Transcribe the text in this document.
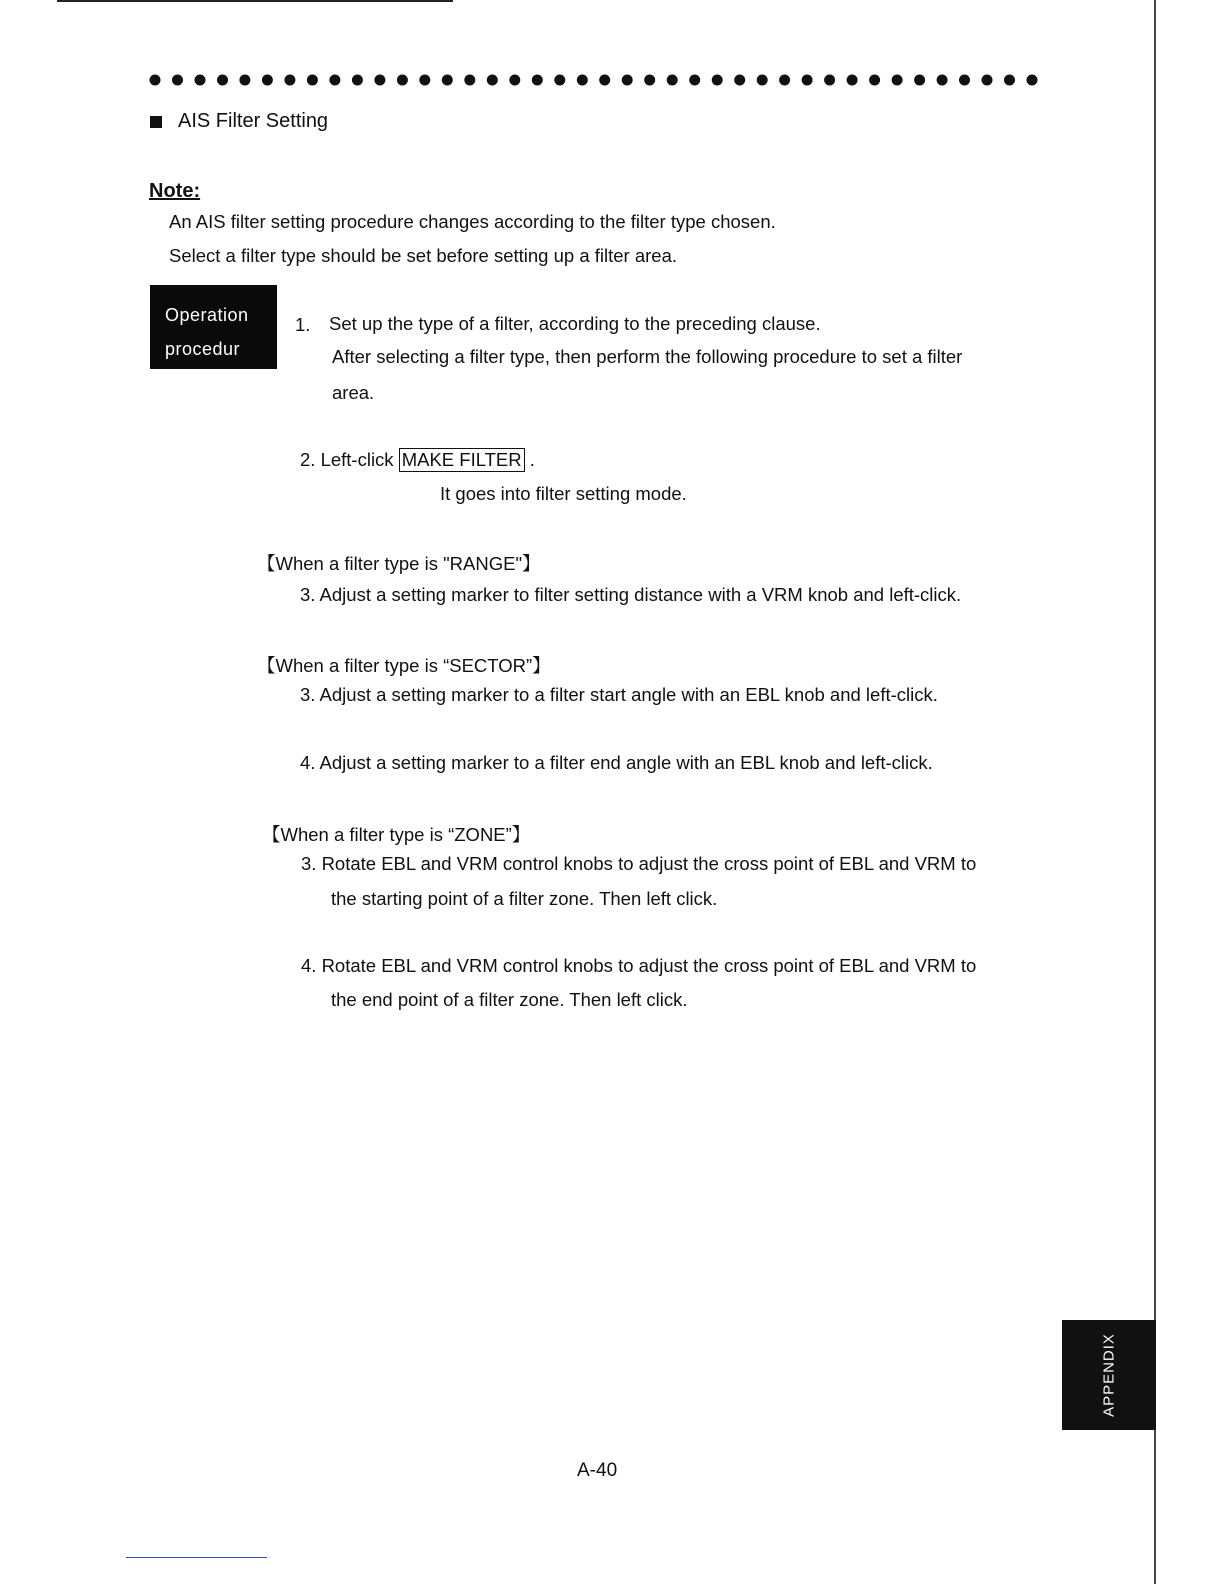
AIS Filter Setting
Note:
An AIS filter setting procedure changes according to the filter type chosen.
Select a filter type should be set before setting up a filter area.
Operation
procedur
1. Set up the type of a filter, according to the preceding clause.
After selecting a filter type, then perform the following procedure to set a filter
area.
2. Left-click MAKE FILTER .
It goes into filter setting mode.
【When a filter type is "RANGE"】
3. Adjust a setting marker to filter setting distance with a VRM knob and left-click.
【When a filter type is “SECTOR”】
3. Adjust a setting marker to a filter start angle with an EBL knob and left-click.
4. Adjust a setting marker to a filter end angle with an EBL knob and left-click.
【When a filter type is “ZONE”】
3. Rotate EBL and VRM control knobs to adjust the cross point of EBL and VRM to
the starting point of a filter zone. Then left click.
4. Rotate EBL and VRM control knobs to adjust the cross point of EBL and VRM to
the end point of a filter zone. Then left click.
APPENDIX
A-40
